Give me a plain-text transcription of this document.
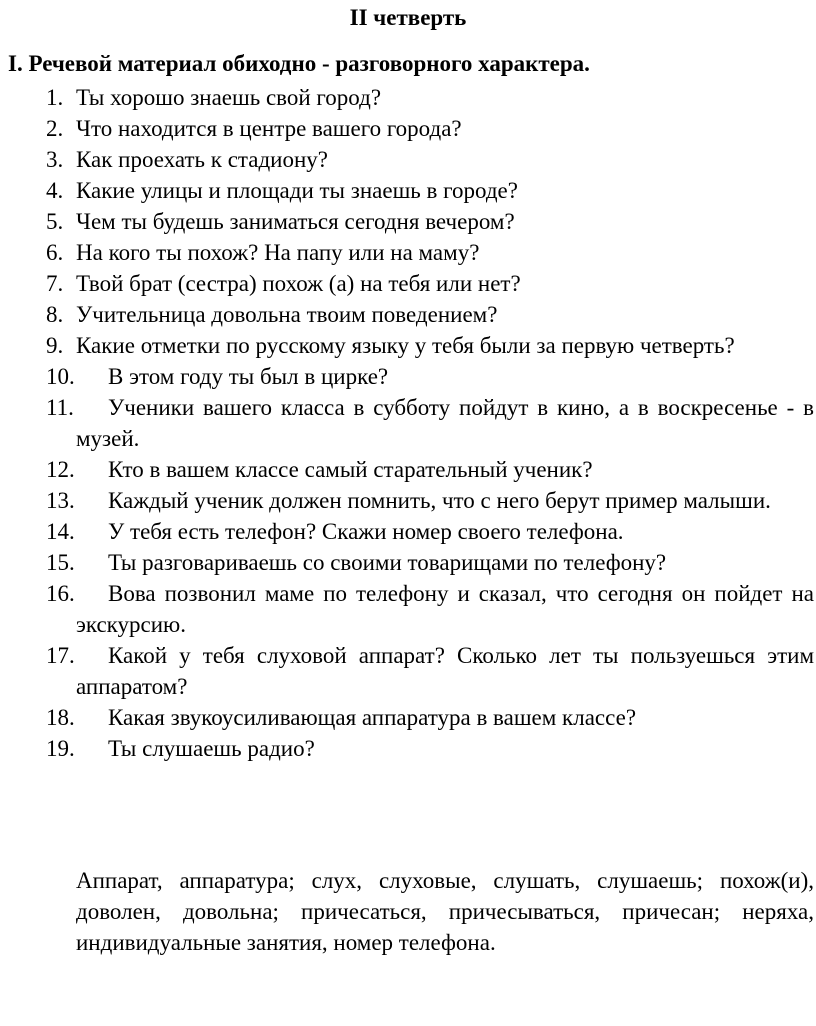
II четверть
I. Речевой материал обиходно - разговорного характера.
1. Ты хорошо знаешь свой город?
2. Что находится в центре вашего города?
3. Как проехать к стадиону?
4. Какие улицы и площади ты знаешь в городе?
5. Чем ты будешь заниматься сегодня вечером?
6. На кого ты похож? На папу или на маму?
7. Твой брат (сестра) похож (а) на тебя или нет?
8. Учительница довольна твоим поведением?
9. Какие отметки по русскому языку у тебя были за первую четверть?
10.	В этом году ты был в цирке?
11.	Ученики вашего класса в субботу пойдут в кино, а в воскресенье - в музей.
12.	Кто в вашем классе самый старательный ученик?
13.	Каждый ученик должен помнить, что с него берут пример малыши.
14.	У тебя есть телефон? Скажи номер своего телефона.
15.	Ты разговариваешь со своими товарищами по телефону?
16.	Вова позвонил маме по телефону и сказал, что сегодня он пойдет на экскурсию.
17.	Какой у тебя слуховой аппарат? Сколько лет ты пользуешься этим аппаратом?
18.	Какая звукоусиливающая аппаратура в вашем классе?
19.	Ты слушаешь радио?
Аппарат, аппаратура; слух, слуховые, слушать, слушаешь; похож(и), доволен, довольна; причесаться, причесываться, причесан; неряха, индивидуальные занятия, номер телефона.
